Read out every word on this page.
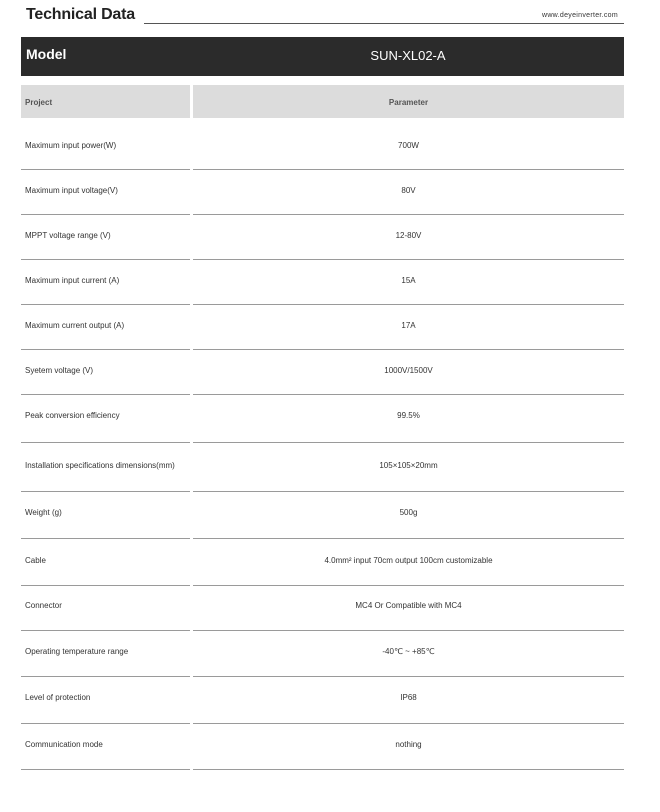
Technical Data	www.deyeinverter.com
Model	SUN-XL02-A
Project	Parameter
Maximum input power(W)	700W
Maximum input voltage(V)	80V
MPPT voltage range (V)	12-80V
Maximum input current (A)	15A
Maximum current output (A)	17A
Syetem voltage (V)	1000V/1500V
Peak conversion efficiency	99.5%
Installation specifications dimensions(mm)	105×105×20mm
Weight (g)	500g
Cable	4.0mm² input 70cm output 100cm customizable
Connector	MC4 Or Compatible with MC4
Operating temperature range	-40℃ ~ +85℃
Level of protection	IP68
Communication mode	nothing
